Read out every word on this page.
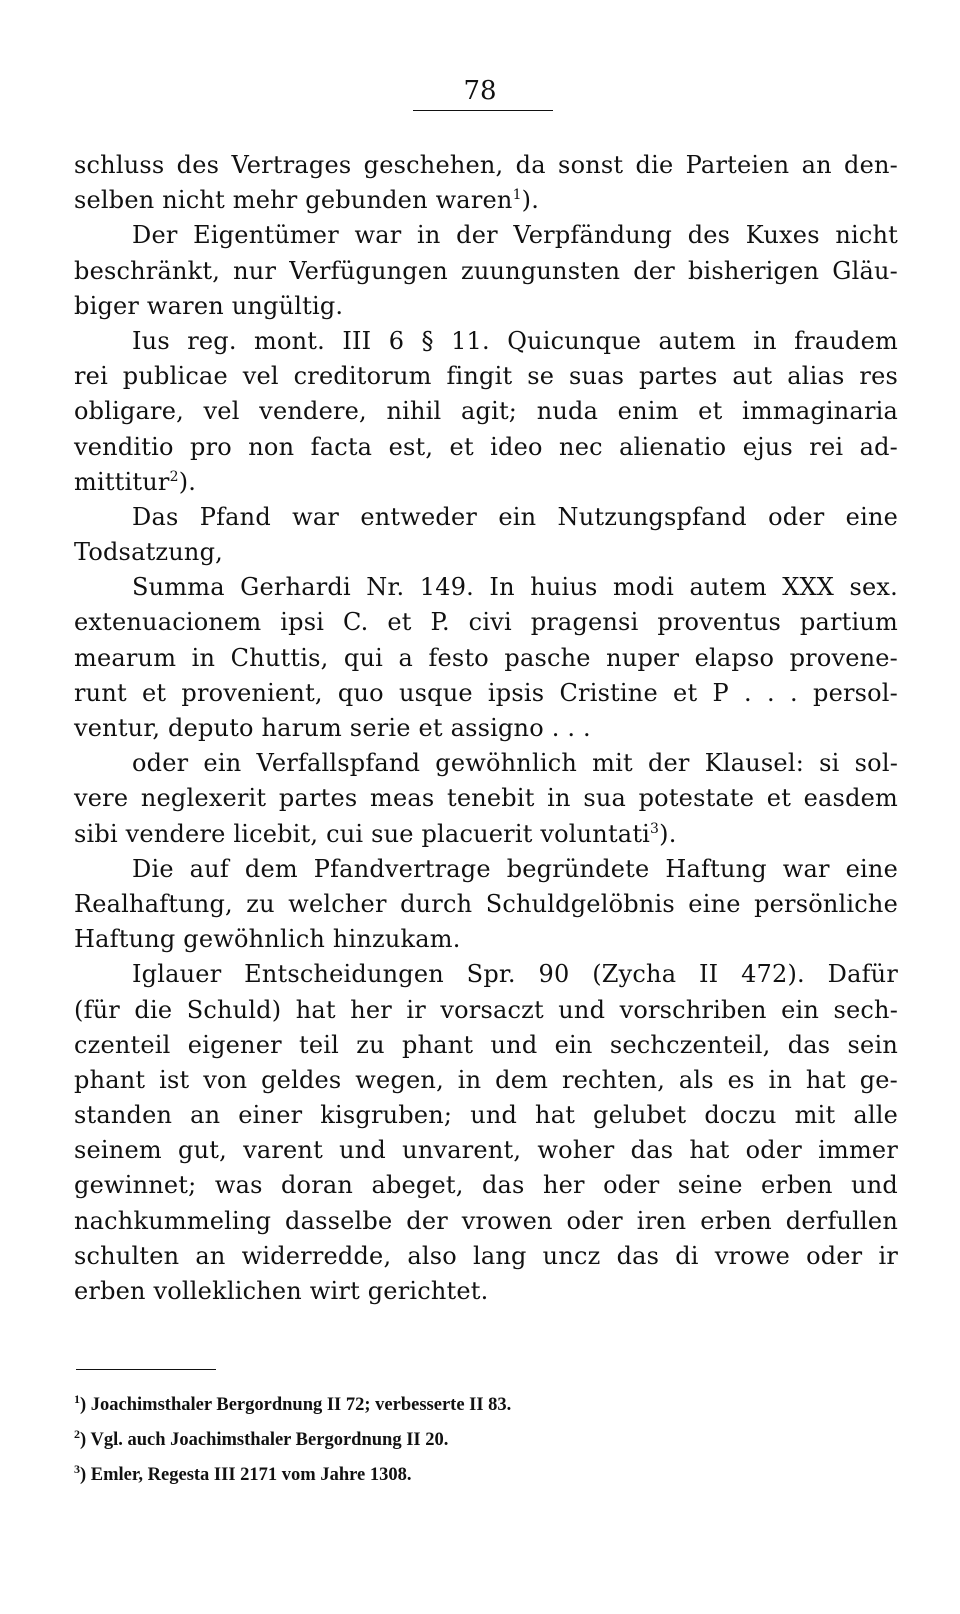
78
schluss des Vertrages geschehen, da sonst die Parteien an den-
selben nicht mehr gebunden waren$^1$).
Der Eigentümer war in der Verpfändung des Kuxes nicht
beschränkt, nur Verfügungen zuungunsten der bisherigen Gläu-
biger waren ungültig.
Ius reg. mont. III 6 § 11. Quicunque autem in fraudem
rei publicae vel creditorum fingit se suas partes aut alias res
obligare, vel vendere, nihil agit; nuda enim et immaginaria
venditio pro non facta est, et ideo nec alienatio ejus rei ad-
mittitur$^2$).
Das Pfand war entweder ein Nutzungspfand oder eine
Todsatzung,
Summa Gerhardi Nr. 149. In huius modi autem XXX sex.
extenuacionem ipsi C. et P. civi pragensi proventus partium
mearum in Chuttis, qui a festo pasche nuper elapso provene-
runt et provenient, quo usque ipsis Cristine et P . . . persol-
ventur, deputo harum serie et assigno . . .
oder ein Verfallspfand gewöhnlich mit der Klausel: si sol-
vere neglexerit partes meas tenebit in sua potestate et easdem
sibi vendere licebit, cui sue placuerit voluntati$^3$).
Die auf dem Pfandvertrage begründete Haftung war eine
Realhaftung, zu welcher durch Schuldgelöbnis eine persönliche
Haftung gewöhnlich hinzukam.
Iglauer Entscheidungen Spr. 90 (Zycha II 472). Dafür
(für die Schuld) hat her ir vorsaczt und vorschriben ein sech-
czenteil eigener teil zu phant und ein sechczenteil, das sein
phant ist von geldes wegen, in dem rechten, als es in hat ge-
standen an einer kisgruben; und hat gelubet doczu mit alle
seinem gut, varent und unvarent, woher das hat oder immer
gewinnet; was doran abeget, das her oder seine erben und
nachkummeling dasselbe der vrowen oder iren erben derfullen
schulten an widerredde, also lang uncz das di vrowe oder ir
erben volleklichen wirt gerichtet.
$^1$) Joachimsthaler Bergordnung II 72; verbesserte II 83.
$^2$) Vgl. auch Joachimsthaler Bergordnung II 20.
$^3$) Emler, Regesta III 2171 vom Jahre 1308.
